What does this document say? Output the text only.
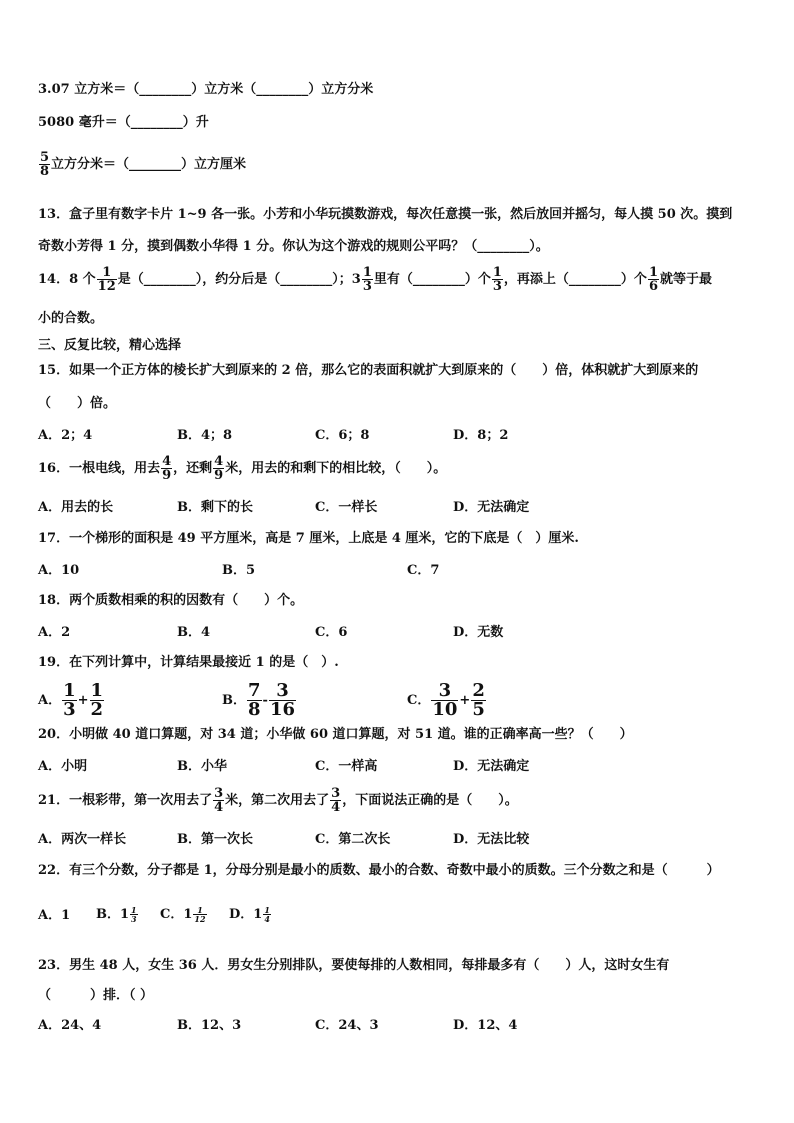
3.07 立方米＝（________）立方米（________）立方分米
5080 毫升＝（________）升
$\frac{5}{8}$ 立方分米＝（________）立方厘米
13．盒子里有数字卡片 1~9 各一张。小芳和小华玩摸数游戏，每次任意摸一张，然后放回并摇匀，每人摸 50 次。摸到
奇数小芳得 1 分，摸到偶数小华得 1 分。你认为这个游戏的规则公平吗？（________）。
14．8 个 $\frac{1}{12}$ 是（________），约分后是（________）；$3 \frac{1}{3}$ 里有（________）个 $\frac{1}{3}$ ，再添上（________）个 $\frac{1}{6}$ 就等于最
小的合数。
三、反复比较，精心选择
15．如果一个正方体的棱长扩大到原来的 2 倍，那么它的表面积就扩大到原来的（　　）倍，体积就扩大到原来的
（　　）倍。
A．2；4	B．4；8	C．6；8	D．8；2
16．一根电线，用去 $\frac{4}{9}$ ，还剩 $\frac{4}{9}$ 米，用去的和剩下的相比较，（　　）。
A．用去的长	B．剩下的长	C．一样长	D．无法确定
17．一个梯形的面积是 49 平方厘米，高是 7 厘米，上底是 4 厘米，它的下底是（　）厘米.
A．10	B．5	C．7
18．两个质数相乘的积的因数有（　　）个。
A．2	B．4	C．6	D．无数
19．在下列计算中，计算结果最接近 1 的是（　）.
A． $\frac{1}{3} + \frac{1}{2}$	B． $\frac{7}{8} - \frac{3}{16}$	C． $\frac{3}{10} + \frac{2}{5}$
20．小明做 40 道口算题，对 34 道；小华做 60 道口算题，对 51 道。谁的正确率高一些？（　　）
A．小明	B．小华	C．一样高	D．无法确定
21．一根彩带，第一次用去了 $\frac{3}{4}$ 米，第二次用去了 $\frac{3}{4}$ ，下面说法正确的是（　　）。
A．两次一样长	B．第一次长	C．第二次长	D．无法比较
22．有三个分数，分子都是 1，分母分别是最小的质数、最小的合数、奇数中最小的质数。三个分数之和是（　　　）
A．1 B．$1 \frac{1}{3}$ C．$1 \frac{1}{12}$ D．$1 \frac{1}{4}$
23．男生 48 人，女生 36 人．男女生分别排队，要使每排的人数相同，每排最多有（　　）人，这时女生有
（　　　）排．（ ）
A．24、4	B．12、3	C．24、3	D．12、4
